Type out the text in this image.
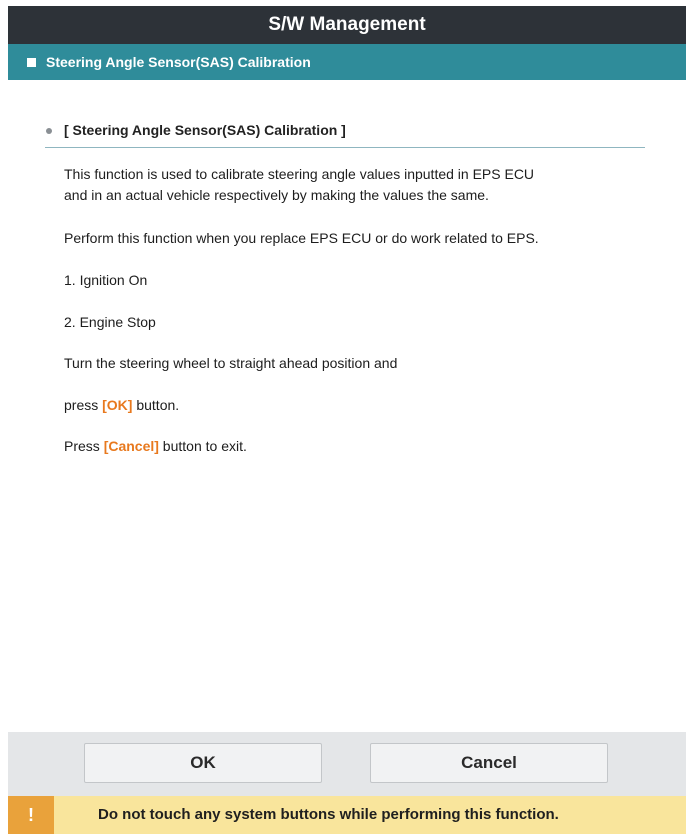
S/W Management
Steering Angle Sensor(SAS) Calibration
[ Steering Angle Sensor(SAS) Calibration ]
This function is used to calibrate steering angle values inputted in EPS ECU
and in an actual vehicle respectively by making the values the same.
Perform this function when you replace EPS ECU or do work related to EPS.
1. Ignition On
2. Engine Stop
Turn the steering wheel to straight ahead position and
press [OK] button.
Press [Cancel] button to exit.
OK	Cancel
!	Do not touch any system buttons while performing this function.
